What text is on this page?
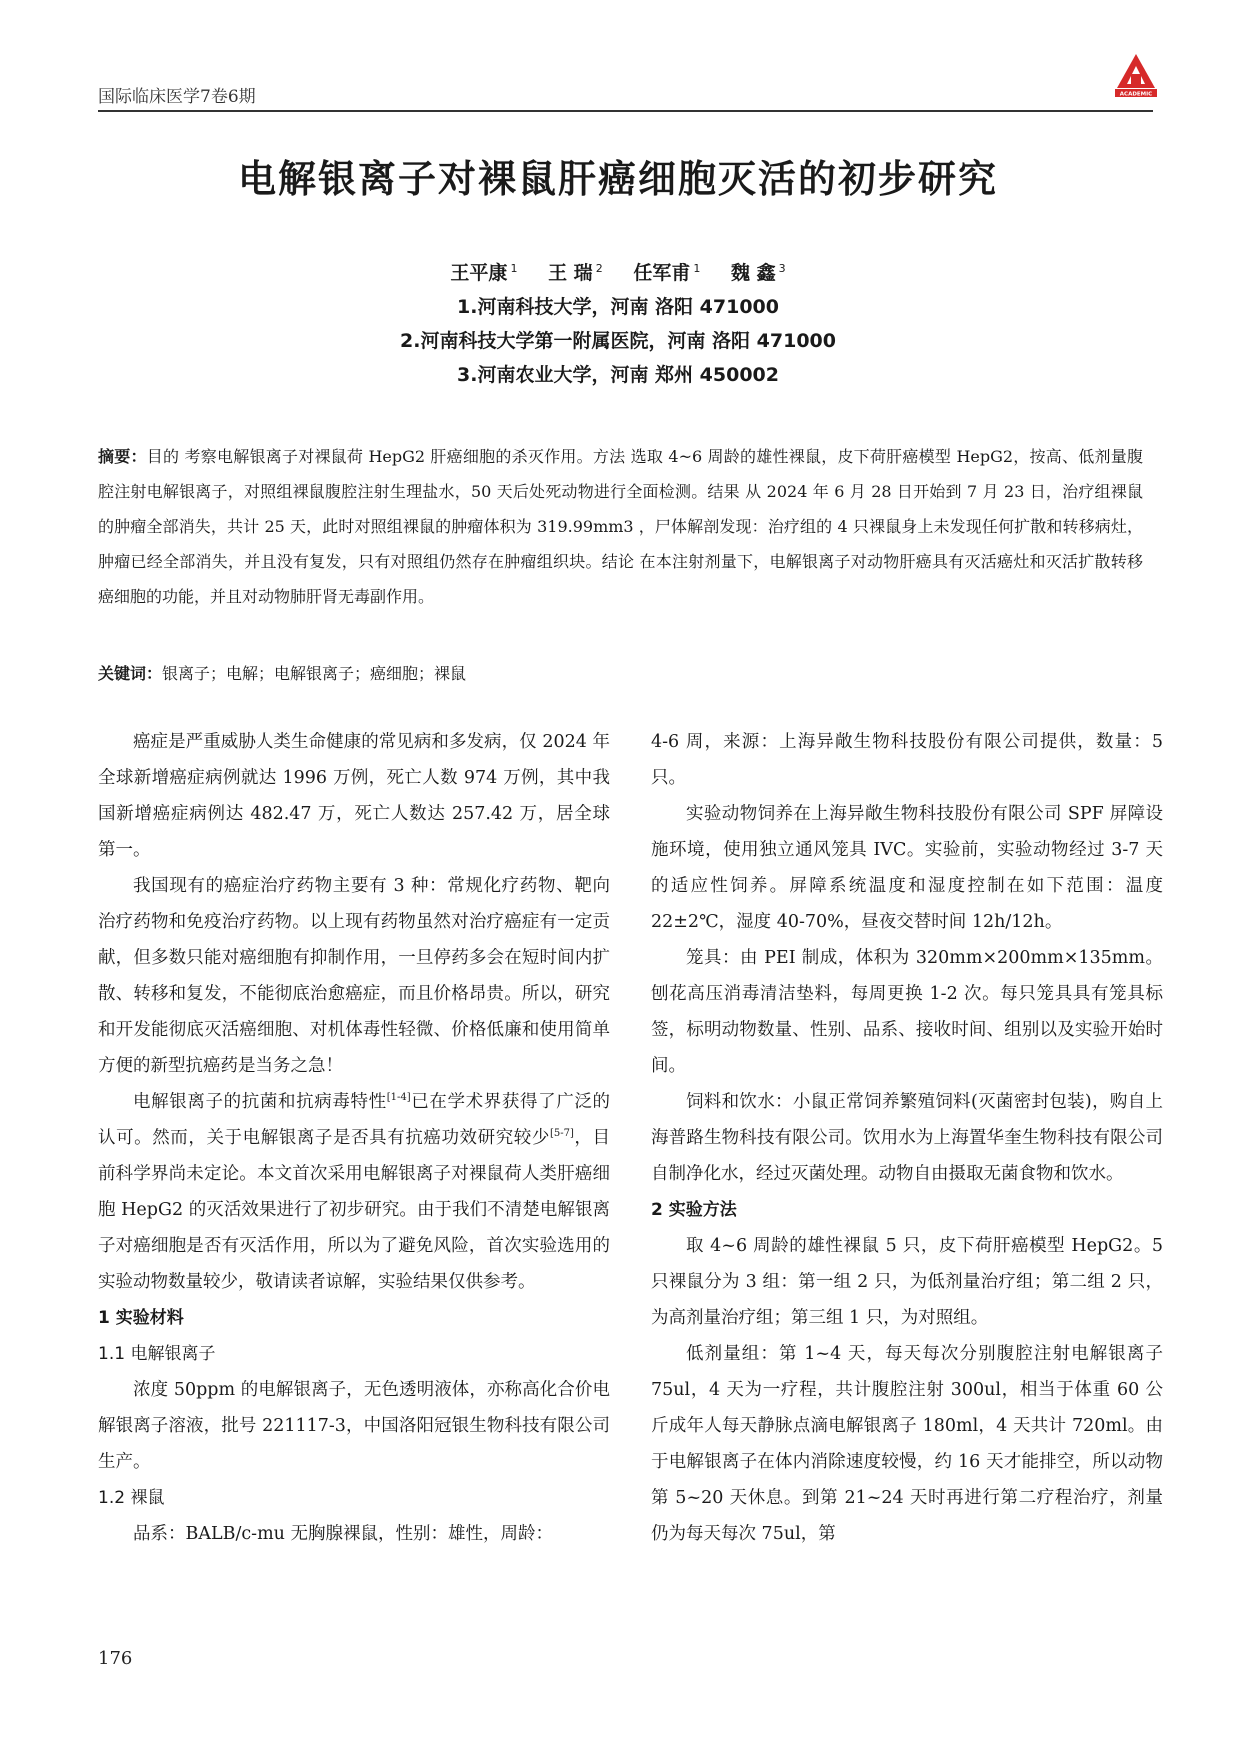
国际临床医学7卷6期	ACADEMIC
电解银离子对裸鼠肝癌细胞灭活的初步研究
王平康 $^1$ 王 瑞 $^2$ 任军甫 $^1$ 魏 鑫 $^3$
1.河南科技大学，河南 洛阳 471000
2.河南科技大学第一附属医院，河南 洛阳 471000
3.河南农业大学，河南 郑州 450002
摘要：目的 考察电解银离子对裸鼠荷 HepG2 肝癌细胞的杀灭作用。方法 选取 4~6 周龄的雄性裸鼠，皮下荷肝癌模型 HepG2，按高、低剂量腹腔注射电解银离子，对照组裸鼠腹腔注射生理盐水，50 天后处死动物进行全面检测。结果 从 2024 年 6 月 28 日开始到 7 月 23 日，治疗组裸鼠的肿瘤全部消失，共计 25 天，此时对照组裸鼠的肿瘤体积为 319.99mm3 ，尸体解剖发现：治疗组的 4 只裸鼠身上未发现任何扩散和转移病灶，肿瘤已经全部消失，并且没有复发，只有对照组仍然存在肿瘤组织块。结论 在本注射剂量下，电解银离子对动物肝癌具有灭活癌灶和灭活扩散转移癌细胞的功能，并且对动物肺肝肾无毒副作用。
关键词：银离子；电解；电解银离子；癌细胞；裸鼠

癌症是严重威胁人类生命健康的常见病和多发病，仅 2024 年全球新增癌症病例就达 1996 万例，死亡人数 974 万例，其中我国新增癌症病例达 482.47 万，死亡人数达 257.42 万，居全球第一。

我国现有的癌症治疗药物主要有 3 种：常规化疗药物、靶向治疗药物和免疫治疗药物。以上现有药物虽然对治疗癌症有一定贡献，但多数只能对癌细胞有抑制作用，一旦停药多会在短时间内扩散、转移和复发，不能彻底治愈癌症，而且价格昂贵。所以，研究和开发能彻底灭活癌细胞、对机体毒性轻微、价格低廉和使用简单方便的新型抗癌药是当务之急！

电解银离子的抗菌和抗病毒特性[1-4]已在学术界获得了广泛的认可。然而，关于电解银离子是否具有抗癌功效研究较少[5-7]，目前科学界尚未定论。本文首次采用电解银离子对裸鼠荷人类肝癌细胞 HepG2 的灭活效果进行了初步研究。由于我们不清楚电解银离子对癌细胞是否有灭活作用，所以为了避免风险，首次实验选用的实验动物数量较少，敬请读者谅解，实验结果仅供参考。

1 实验材料

1.1 电解银离子

浓度 50ppm 的电解银离子，无色透明液体，亦称高化合价电解银离子溶液，批号 221117-3，中国洛阳冠银生物科技有限公司生产。

1.2 裸鼠

品系：BALB/c-mu 无胸腺裸鼠，性别：雄性，周龄：

4-6 周，来源：上海异敞生物科技股份有限公司提供，数量：5 只。

实验动物饲养在上海异敞生物科技股份有限公司 SPF 屏障设施环境，使用独立通风笼具 IVC。实验前，实验动物经过 3-7 天的适应性饲养。屏障系统温度和湿度控制在如下范围：温度 22±2℃，湿度 40-70%，昼夜交替时间 12h/12h。

笼具：由 PEI 制成，体积为 320mm×200mm×135mm。刨花高压消毒清洁垫料，每周更换 1-2 次。每只笼具具有笼具标签，标明动物数量、性别、品系、接收时间、组别以及实验开始时间。

饲料和饮水：小鼠正常饲养繁殖饲料(灭菌密封包装)，购自上海普路生物科技有限公司。饮用水为上海置华奎生物科技有限公司自制净化水，经过灭菌处理。动物自由摄取无菌食物和饮水。

2 实验方法

取 4~6 周龄的雄性裸鼠 5 只，皮下荷肝癌模型 HepG2。5 只裸鼠分为 3 组：第一组 2 只，为低剂量治疗组；第二组 2 只，为高剂量治疗组；第三组 1 只，为对照组。

低剂量组：第 1~4 天，每天每次分别腹腔注射电解银离子 75ul，4 天为一疗程，共计腹腔注射 300ul，相当于体重 60 公斤成年人每天静脉点滴电解银离子 180ml，4 天共计 720ml。由于电解银离子在体内消除速度较慢，约 16 天才能排空，所以动物第 5~20 天休息。到第 21~24 天时再进行第二疗程治疗，剂量仍为每天每次 75ul，第

176
